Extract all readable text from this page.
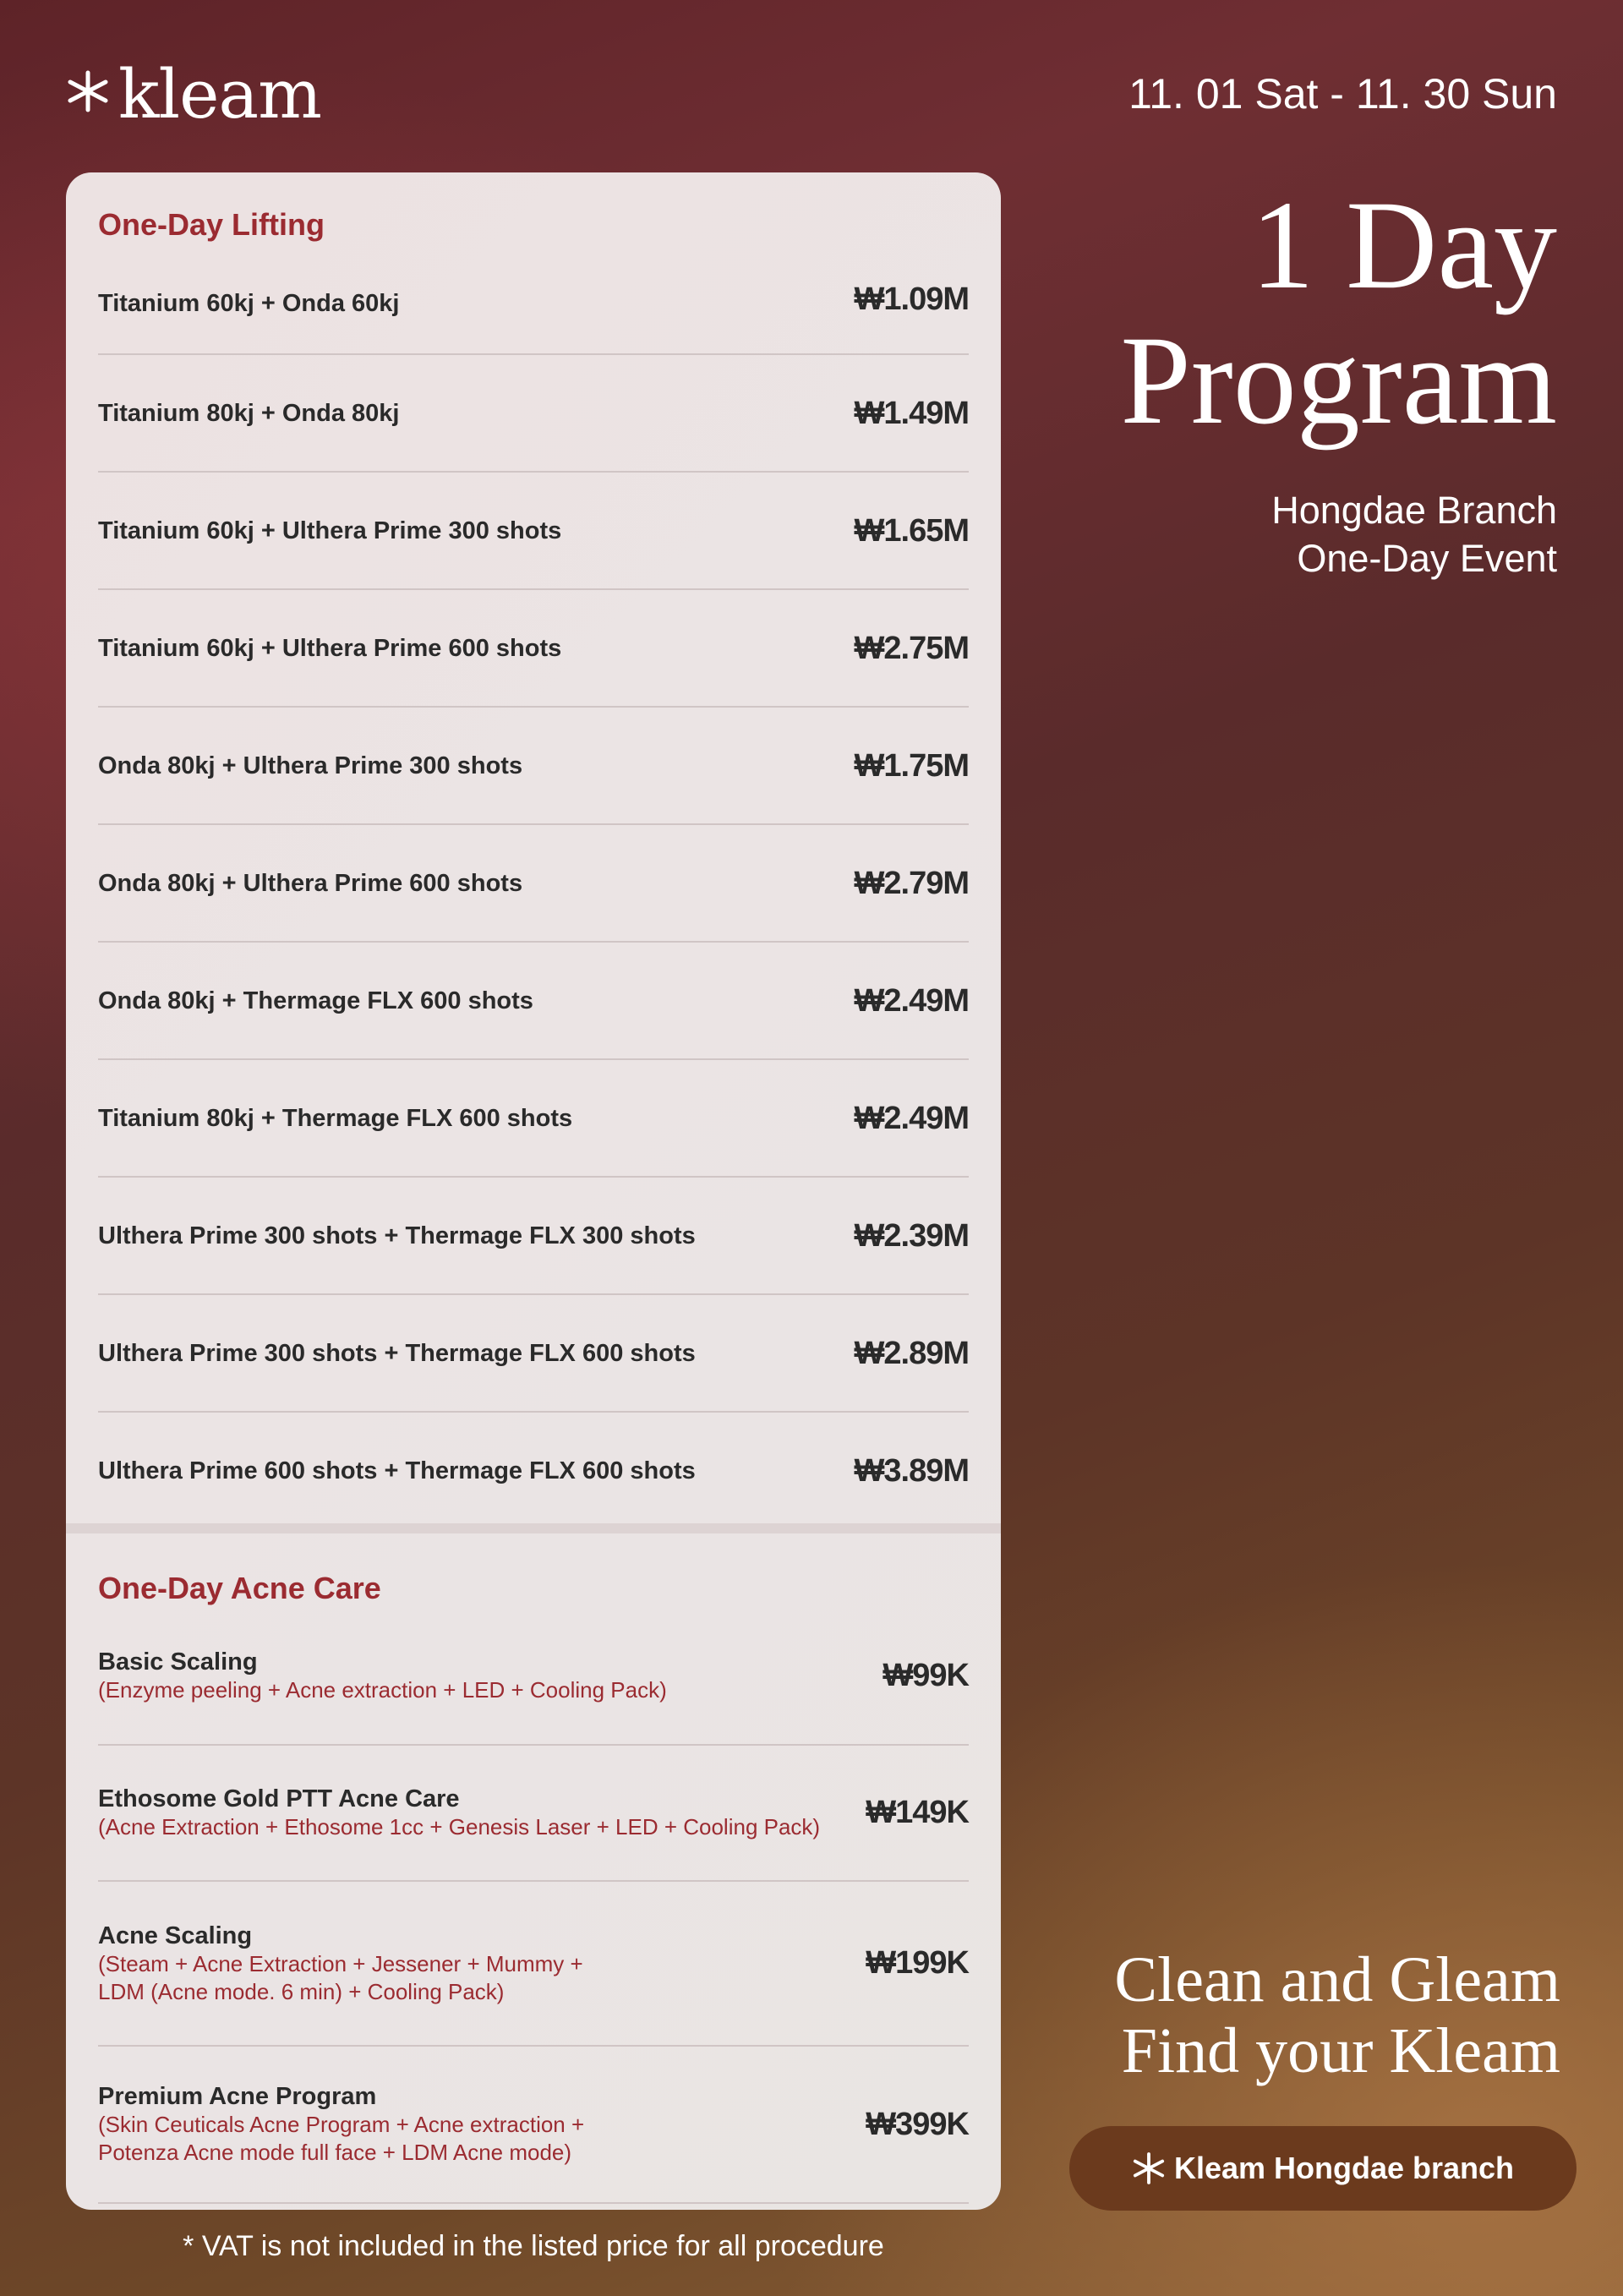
kleam	11. 01 Sat - 11. 30 Sun
1 Day
Program
Hongdae Branch
One-Day Event
One-Day Lifting
Titanium 60kj + Onda 60kj	₩1.09M
Titanium 80kj + Onda 80kj	₩1.49M
Titanium 60kj + Ulthera Prime 300 shots	₩1.65M
Titanium 60kj + Ulthera Prime 600 shots	₩2.75M
Onda 80kj + Ulthera Prime 300 shots	₩1.75M
Onda 80kj + Ulthera Prime 600 shots	₩2.79M
Onda 80kj + Thermage FLX 600 shots	₩2.49M
Titanium 80kj + Thermage FLX 600 shots	₩2.49M
Ulthera Prime 300 shots + Thermage FLX 300 shots	₩2.39M
Ulthera Prime 300 shots + Thermage FLX 600 shots	₩2.89M
Ulthera Prime 600 shots + Thermage FLX 600 shots	₩3.89M
One-Day Acne Care
Basic Scaling
(Enzyme peeling + Acne extraction + LED + Cooling Pack)	₩99K
Ethosome Gold PTT Acne Care
(Acne Extraction + Ethosome 1cc + Genesis Laser + LED + Cooling Pack) ₩149K
Acne Scaling
(Steam + Acne Extraction + Jessener + Mummy +
LDM (Acne mode. 6 min) + Cooling Pack)
₩199K
Premium Acne Program
(Skin Ceuticals Acne Program + Acne extraction +
Potenza Acne mode full face + LDM Acne mode)
₩399K
Clean and Gleam
Find your Kleam
Kleam Hongdae branch
* VAT is not included in the listed price for all procedure
